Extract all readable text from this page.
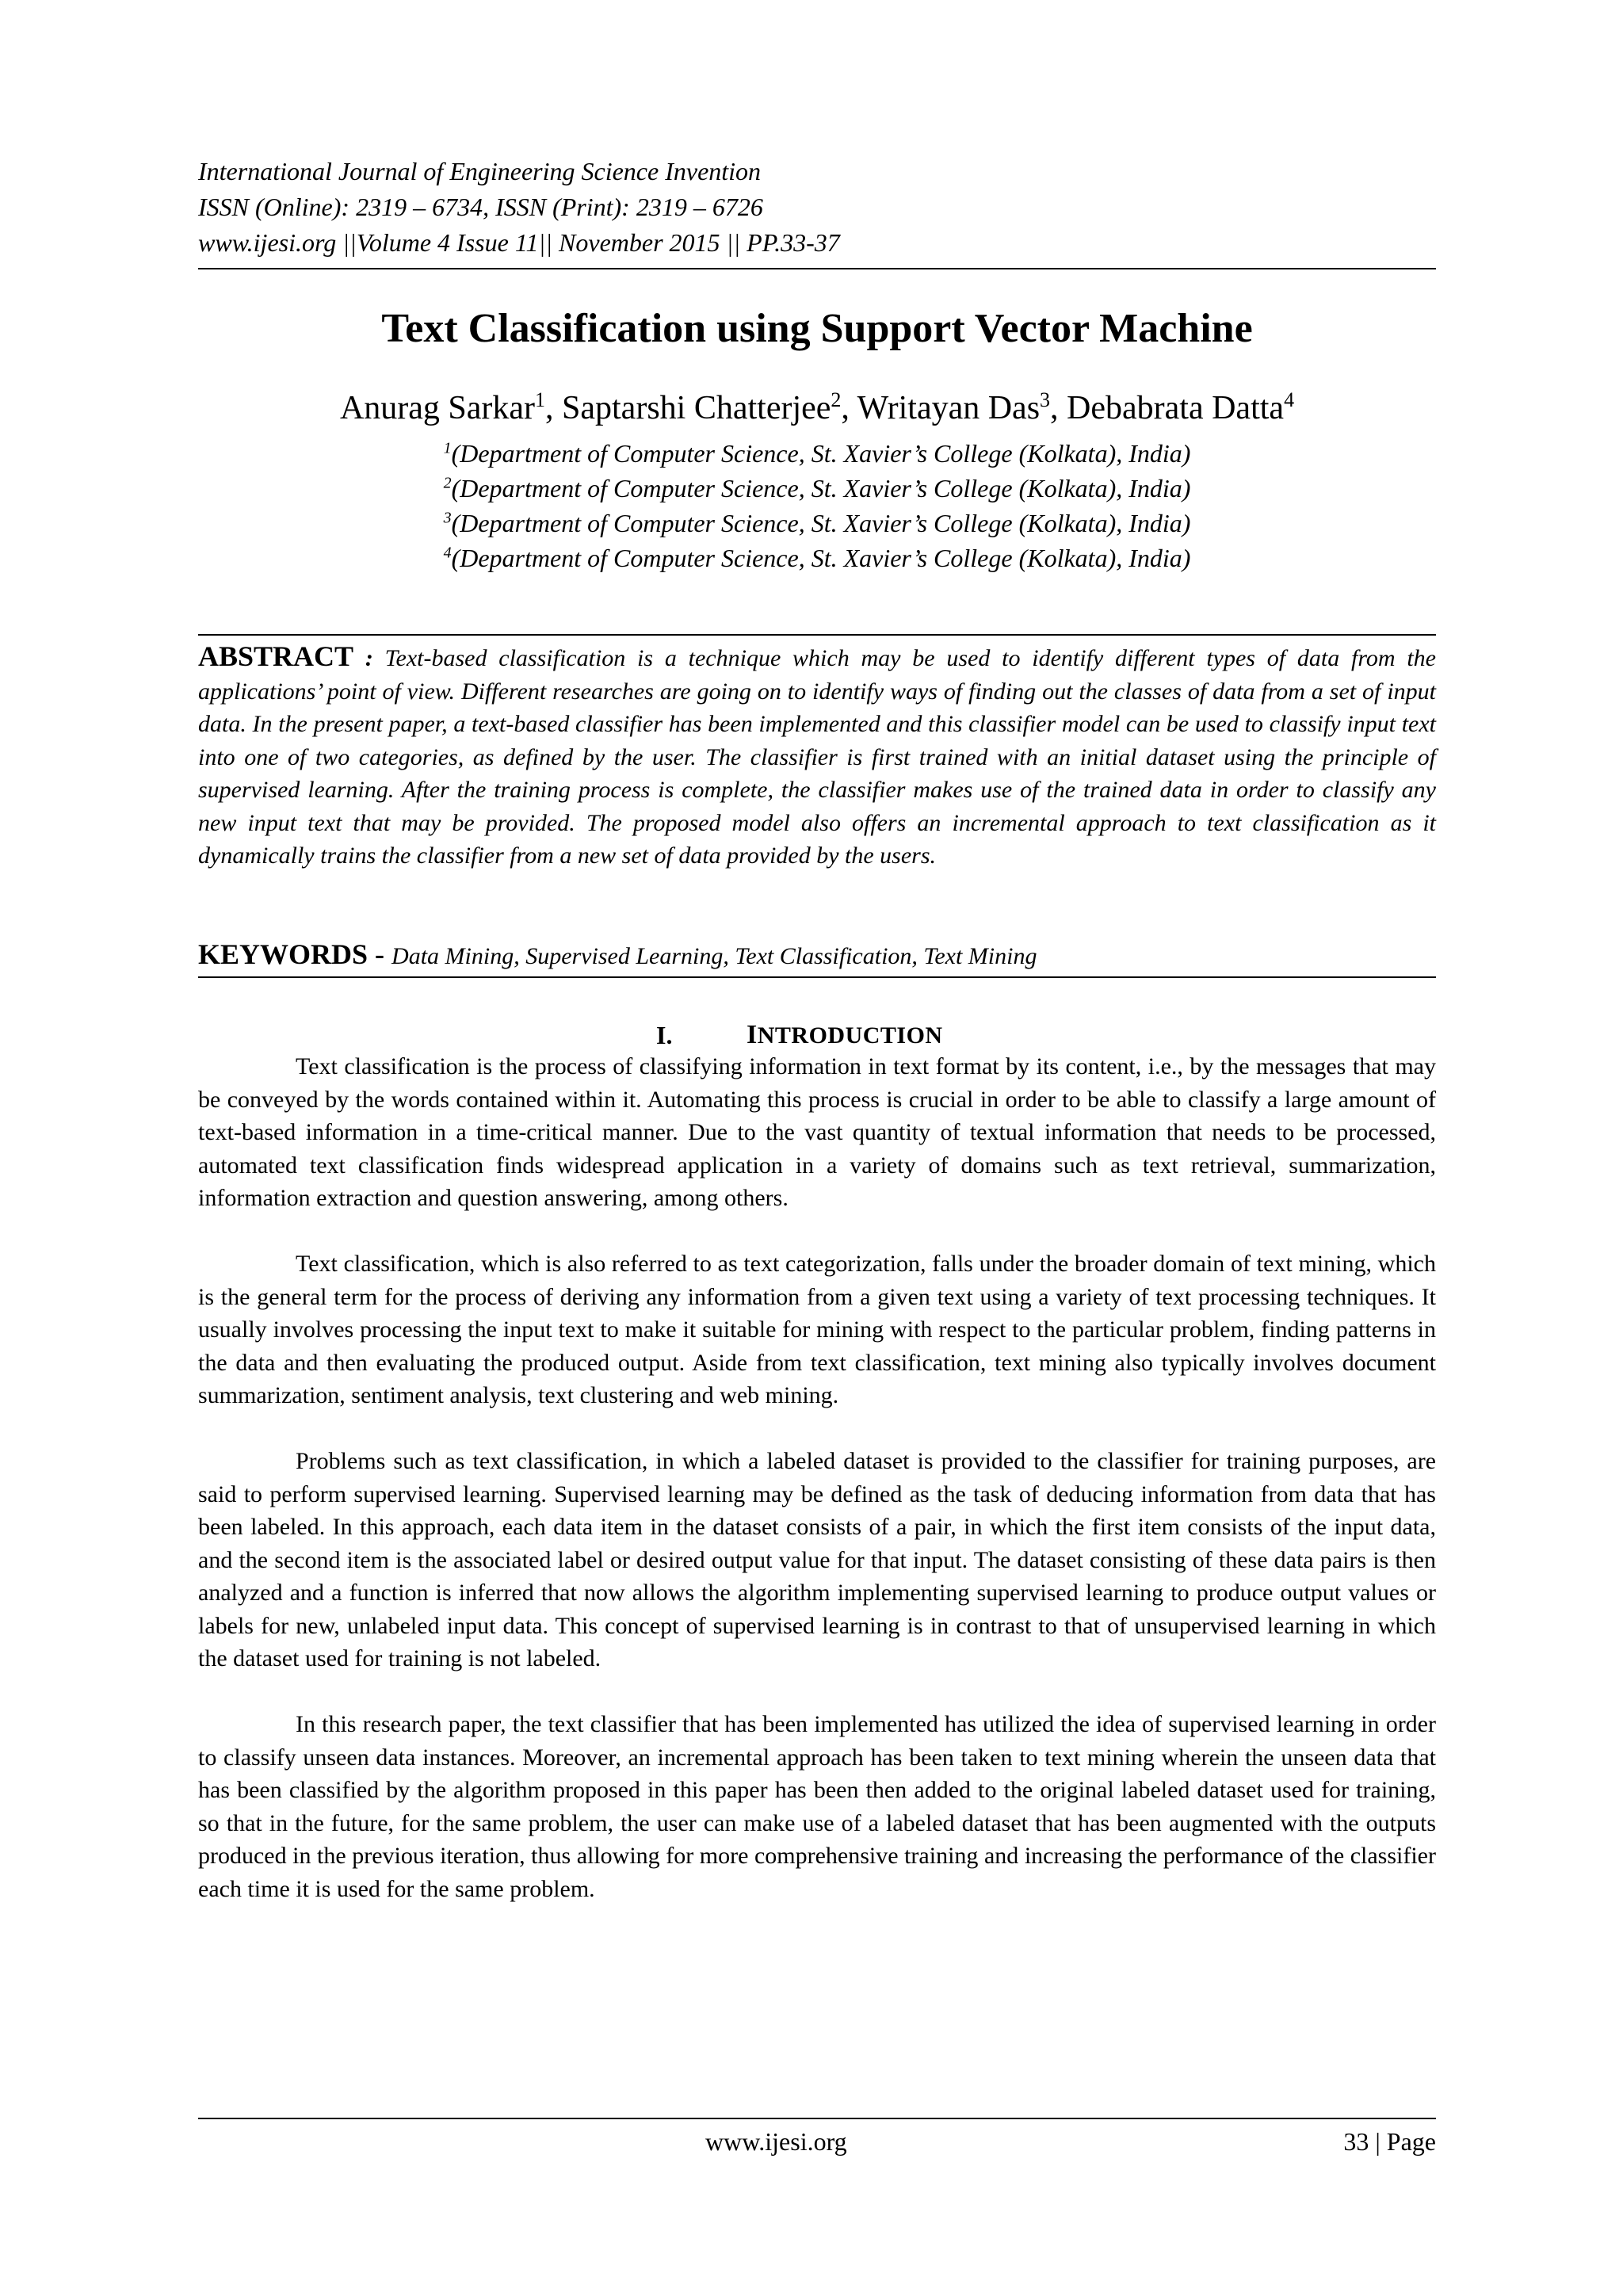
International Journal of Engineering Science Invention
ISSN (Online): 2319 – 6734, ISSN (Print): 2319 – 6726
www.ijesi.org ||Volume 4 Issue 11|| November 2015 || PP.33-37
Text Classification using Support Vector Machine
Anurag Sarkar$^1$, Saptarshi Chatterjee$^2$, Writayan Das$^3$, Debabrata Datta$^4$
$^1$(Department of Computer Science, St. Xavier’s College (Kolkata), India)
$^2$(Department of Computer Science, St. Xavier’s College (Kolkata), India)
$^3$(Department of Computer Science, St. Xavier’s College (Kolkata), India)
$^4$(Department of Computer Science, St. Xavier’s College (Kolkata), India)
ABSTRACT : Text-based classification is a technique which may be used to identify different types of data from the applications’ point of view. Different researches are going on to identify ways of finding out the classes of data from a set of input data. In the present paper, a text-based classifier has been implemented and this classifier model can be used to classify input text into one of two categories, as defined by the user. The classifier is first trained with an initial dataset using the principle of supervised learning. After the training process is complete, the classifier makes use of the trained data in order to classify any new input text that may be provided. The proposed model also offers an incremental approach to text classification as it dynamically trains the classifier from a new set of data provided by the users.
KEYWORDS - Data Mining, Supervised Learning, Text Classification, Text Mining
I.	INTRODUCTION

Text classification is the process of classifying information in text format by its content, i.e., by the messages that may be conveyed by the words contained within it. Automating this process is crucial in order to be able to classify a large amount of text-based information in a time-critical manner. Due to the vast quantity of textual information that needs to be processed, automated text classification finds widespread application in a variety of domains such as text retrieval, summarization, information extraction and question answering, among others.

Text classification, which is also referred to as text categorization, falls under the broader domain of text mining, which is the general term for the process of deriving any information from a given text using a variety of text processing techniques. It usually involves processing the input text to make it suitable for mining with respect to the particular problem, finding patterns in the data and then evaluating the produced output. Aside from text classification, text mining also typically involves document summarization, sentiment analysis, text clustering and web mining.

Problems such as text classification, in which a labeled dataset is provided to the classifier for training purposes, are said to perform supervised learning. Supervised learning may be defined as the task of deducing information from data that has been labeled. In this approach, each data item in the dataset consists of a pair, in which the first item consists of the input data, and the second item is the associated label or desired output value for that input. The dataset consisting of these data pairs is then analyzed and a function is inferred that now allows the algorithm implementing supervised learning to produce output values or labels for new, unlabeled input data. This concept of supervised learning is in contrast to that of unsupervised learning in which the dataset used for training is not labeled.

In this research paper, the text classifier that has been implemented has utilized the idea of supervised learning in order to classify unseen data instances. Moreover, an incremental approach has been taken to text mining wherein the unseen data that has been classified by the algorithm proposed in this paper has been then added to the original labeled dataset used for training, so that in the future, for the same problem, the user can make use of a labeled dataset that has been augmented with the outputs produced in the previous iteration, thus allowing for more comprehensive training and increasing the performance of the classifier each time it is used for the same problem.

www.ijesi.org	33 | Page
